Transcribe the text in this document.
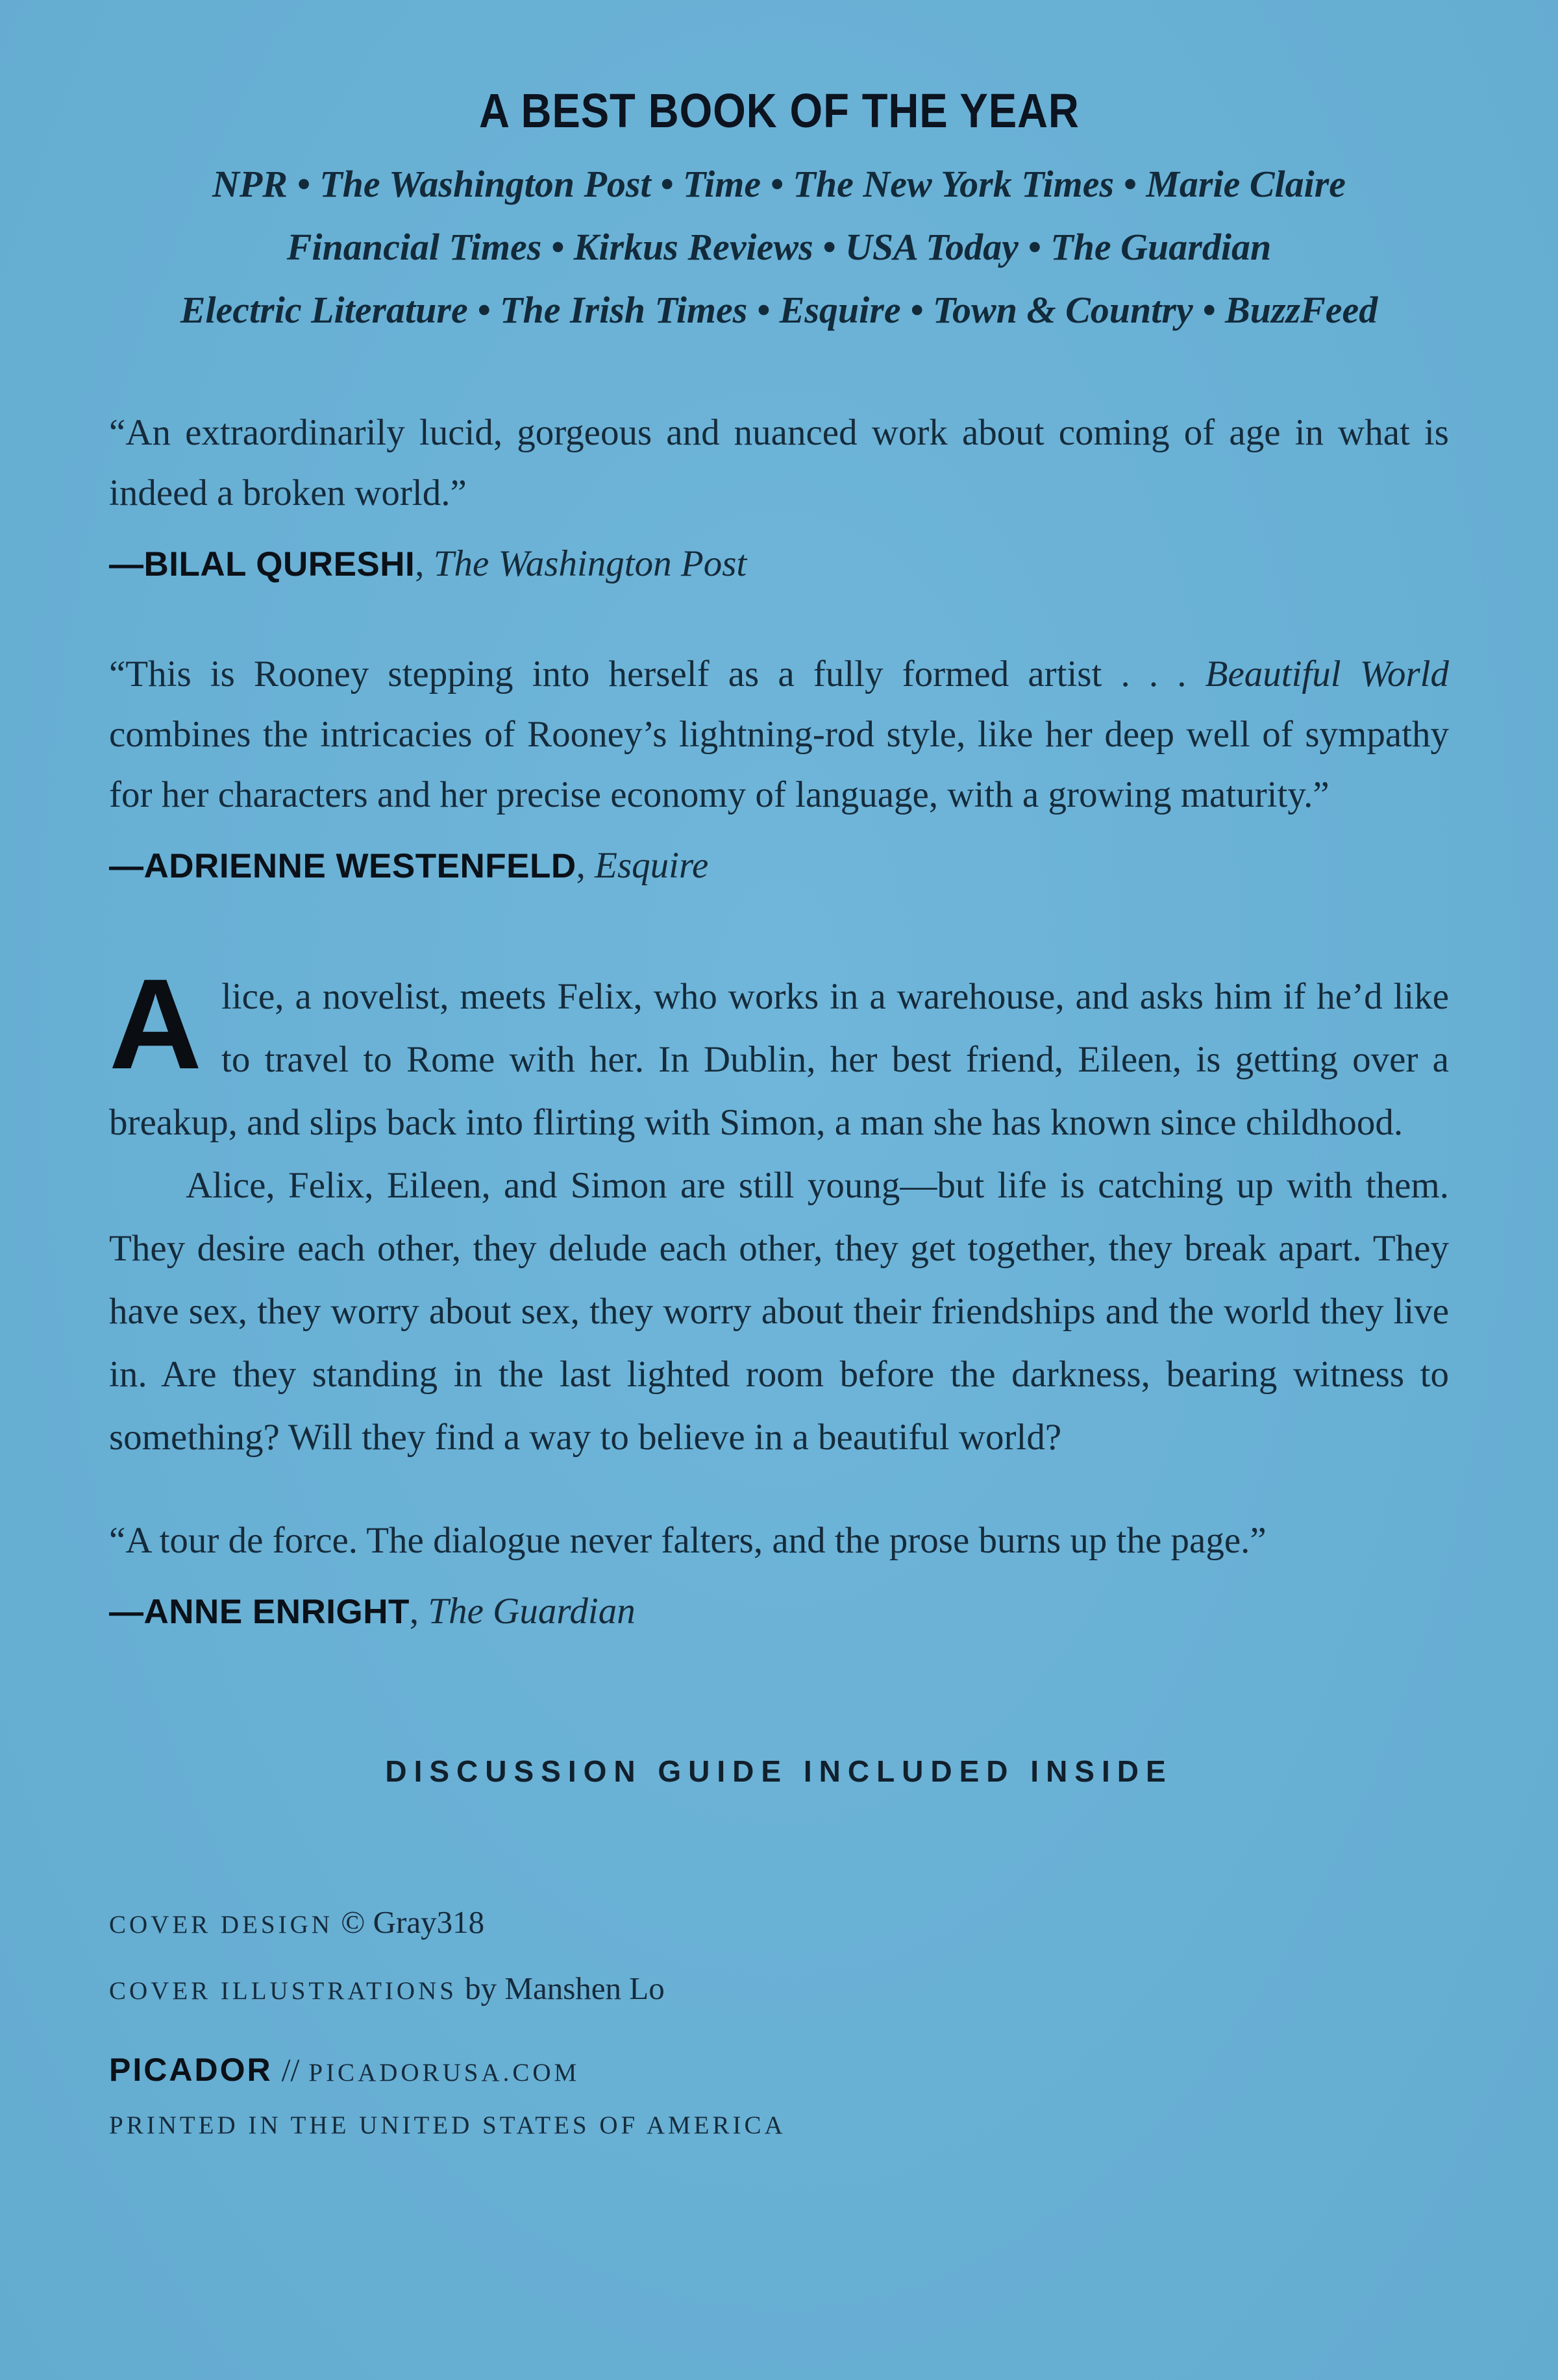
A BEST BOOK OF THE YEAR

NPR • The Washington Post • Time • The New York Times • Marie Claire

Financial Times • Kirkus Reviews • USA Today • The Guardian

Electric Literature • The Irish Times • Esquire • Town & Country • BuzzFeed

“An extraordinarily lucid, gorgeous and nuanced work about coming of age in what is indeed a broken world.”

—BILAL QURESHI, The Washington Post

“This is Rooney stepping into herself as a fully formed artist . . . Beautiful World combines the intricacies of Rooney’s lightning-rod style, like her deep well of sympathy for her characters and her precise economy of language, with a growing maturity.”

—ADRIENNE WESTENFELD, Esquire

Alice, a novelist, meets Felix, who works in a warehouse, and asks him if he’d like to travel to Rome with her. In Dublin, her best friend, Eileen, is getting over a breakup, and slips back into flirting with Simon, a man she has known since childhood.

Alice, Felix, Eileen, and Simon are still young—but life is catching up with them. They desire each other, they delude each other, they get together, they break apart. They have sex, they worry about sex, they worry about their friendships and the world they live in. Are they standing in the last lighted room before the darkness, bearing witness to something? Will they find a way to believe in a beautiful world?

“A tour de force. The dialogue never falters, and the prose burns up the page.”

—ANNE ENRIGHT, The Guardian

DISCUSSION GUIDE INCLUDED INSIDE

COVER DESIGN © Gray318

COVER ILLUSTRATIONS by Manshen Lo

PICADOR // PICADORUSA.COM

PRINTED IN THE UNITED STATES OF AMERICA
